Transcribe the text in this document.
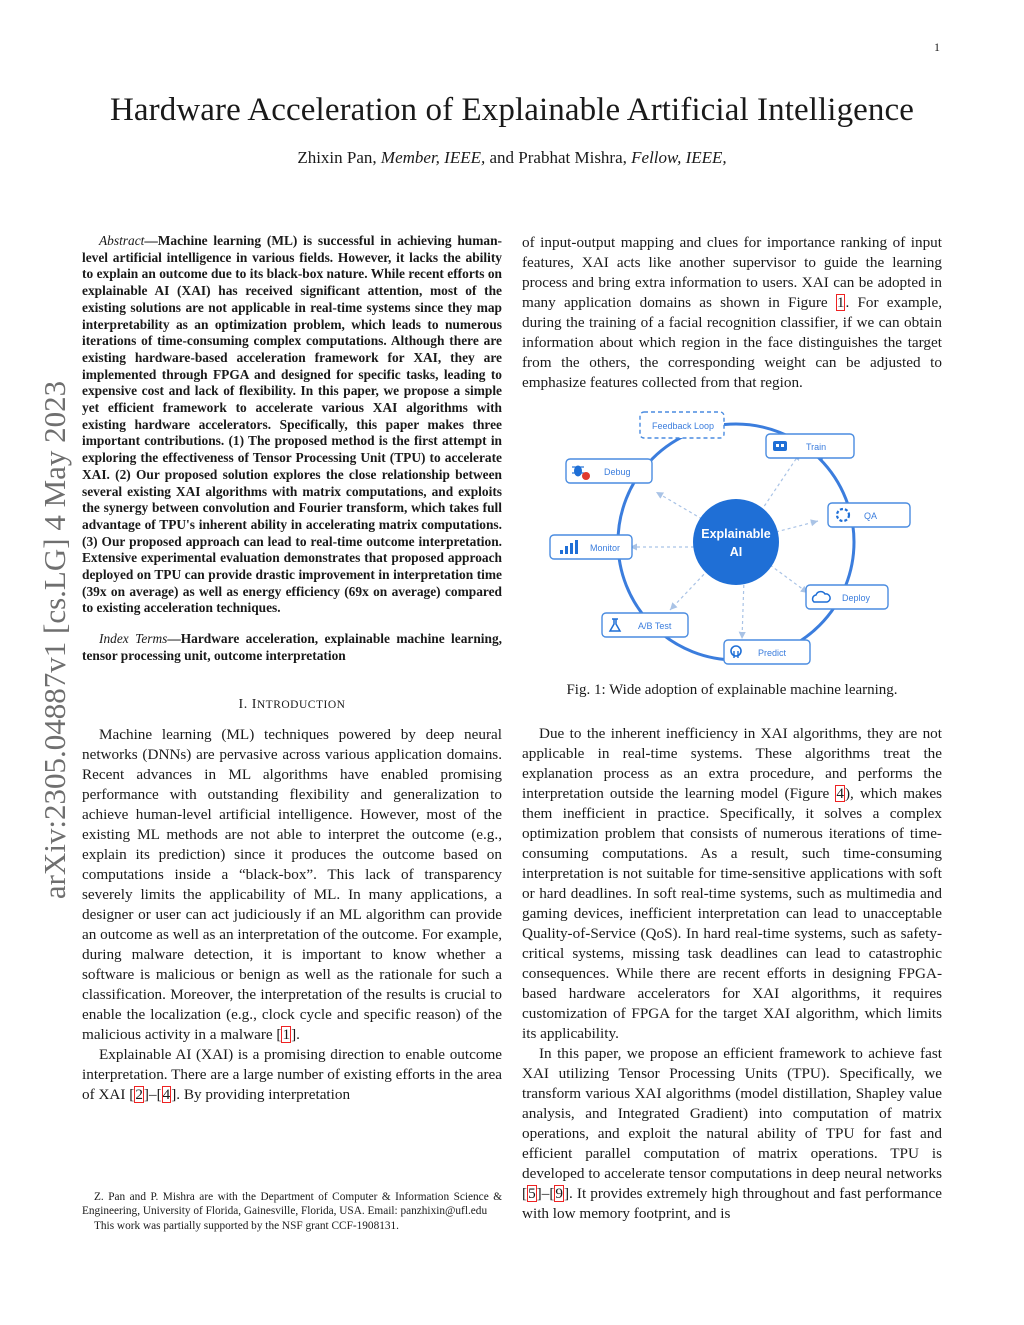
1
arXiv:2305.04887v1 [cs.LG] 4 May 2023
Hardware Acceleration of Explainable Artificial Intelligence
Zhixin Pan, Member, IEEE, and Prabhat Mishra, Fellow, IEEE,

Abstract—Machine learning (ML) is successful in achieving human-level artificial intelligence in various fields. However, it lacks the ability to explain an outcome due to its black-box nature. While recent efforts on explainable AI (XAI) has received significant attention, most of the existing solutions are not applicable in real-time systems since they map interpretability as an optimization problem, which leads to numerous iterations of time-consuming complex computations. Although there are existing hardware-based acceleration framework for XAI, they are implemented through FPGA and designed for specific tasks, leading to expensive cost and lack of flexibility. In this paper, we propose a simple yet efficient framework to accelerate various XAI algorithms with existing hardware accelerators. Specifically, this paper makes three important contributions. (1) The proposed method is the first attempt in exploring the effectiveness of Tensor Processing Unit (TPU) to accelerate XAI. (2) Our proposed solution explores the close relationship between several existing XAI algorithms with matrix computations, and exploits the synergy between convolution and Fourier transform, which takes full advantage of TPU's inherent ability in accelerating matrix computations. (3) Our proposed approach can lead to real-time outcome interpretation. Extensive experimental evaluation demonstrates that proposed approach deployed on TPU can provide drastic improvement in interpretation time (39x on average) as well as energy efficiency (69x on average) compared to existing acceleration techniques.

Index Terms—Hardware acceleration, explainable machine learning, tensor processing unit, outcome interpretation

I. INTRODUCTION

Machine learning (ML) techniques powered by deep neural networks (DNNs) are pervasive across various application domains. Recent advances in ML algorithms have enabled promising performance with outstanding flexibility and generalization to achieve human-level artificial intelligence. However, most of the existing ML methods are not able to interpret the outcome (e.g., explain its prediction) since it produces the outcome based on computations inside a “black-box”. This lack of transparency severely limits the applicability of ML. In many applications, a designer or user can act judiciously if an ML algorithm can provide an outcome as well as an interpretation of the outcome. For example, during malware detection, it is important to know whether a software is malicious or benign as well as the rationale for such a classification. Moreover, the interpretation of the results is crucial to enable the localization (e.g., clock cycle and specific reason) of the malicious activity in a malware [1].

Explainable AI (XAI) is a promising direction to enable outcome interpretation. There are a large number of existing efforts in the area of XAI [2]–[4]. By providing interpretation

Z. Pan and P. Mishra are with the Department of Computer & Information Science & Engineering, University of Florida, Gainesville, Florida, USA. Email: panzhixin@ufl.edu

This work was partially supported by the NSF grant CCF-1908131.

of input-output mapping and clues for importance ranking of input features, XAI acts like another supervisor to guide the learning process and bring extra information to users. XAI can be adopted in many application domains as shown in Figure 1. For example, during the training of a facial recognition classifier, if we can obtain information about which region in the face distinguishes the target from the others, the corresponding weight can be adjusted to emphasize features collected from that region.

Explainable
AI
Feedback Loop
Train
QA
Deploy
Predict
A/B Test
Monitor
Debug
Fig. 1: Wide adoption of explainable machine learning.

Due to the inherent inefficiency in XAI algorithms, they are not applicable in real-time systems. These algorithms treat the explanation process as an extra procedure, and performs the interpretation outside the learning model (Figure 4), which makes them inefficient in practice. Specifically, it solves a complex optimization problem that consists of numerous iterations of time-consuming computations. As a result, such time-consuming interpretation is not suitable for time-sensitive applications with soft or hard deadlines. In soft real-time systems, such as multimedia and gaming devices, inefficient interpretation can lead to unacceptable Quality-of-Service (QoS). In hard real-time systems, such as safety-critical systems, missing task deadlines can lead to catastrophic consequences. While there are recent efforts in designing FPGA-based hardware accelerators for XAI algorithms, it requires customization of FPGA for the target XAI algorithm, which limits its applicability.

In this paper, we propose an efficient framework to achieve fast XAI utilizing Tensor Processing Units (TPU). Specifically, we transform various XAI algorithms (model distillation, Shapley value analysis, and Integrated Gradient) into computation of matrix operations, and exploit the natural ability of TPU for fast and efficient parallel computation of matrix operations. TPU is developed to accelerate tensor computations in deep neural networks [5]–[9]. It provides extremely high throughout and fast performance with low memory footprint, and is
